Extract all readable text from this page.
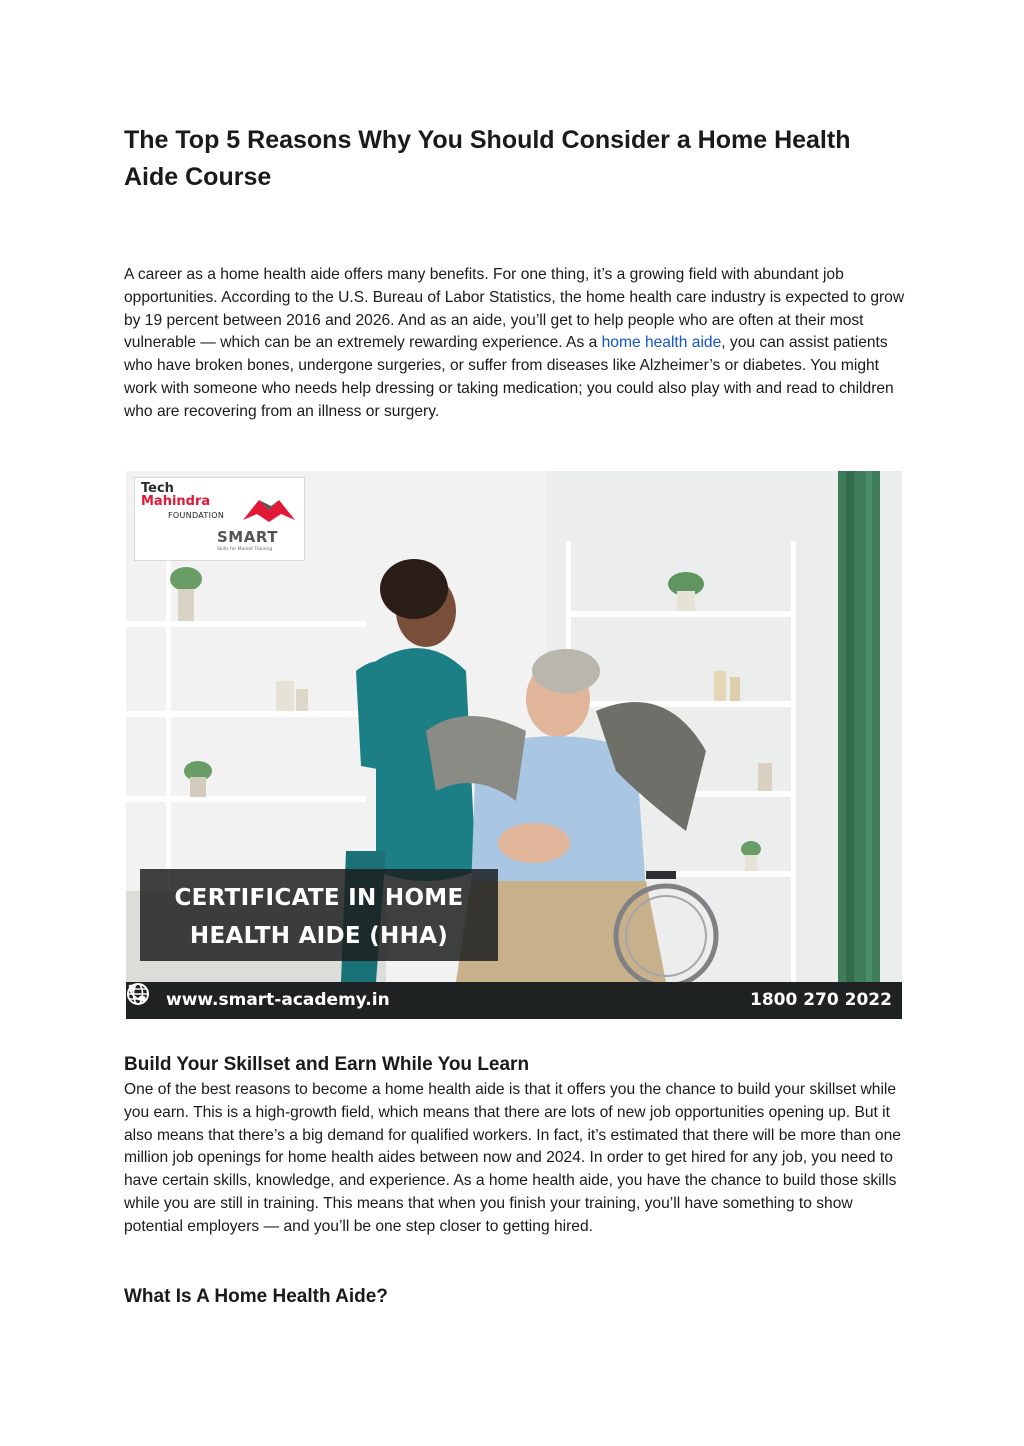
The Top 5 Reasons Why You Should Consider a Home Health Aide Course

A career as a home health aide offers many benefits. For one thing, it’s a growing field with abundant job opportunities. According to the U.S. Bureau of Labor Statistics, the home health care industry is expected to grow by 19 percent between 2016 and 2026. And as an aide, you’ll get to help people who are often at their most vulnerable — which can be an extremely rewarding experience. As a home health aide, you can assist patients who have broken bones, undergone surgeries, or suffer from diseases like Alzheimer’s or diabetes. You might work with someone who needs help dressing or taking medication; you could also play with and read to children who are recovering from an illness or surgery.

Tech
Mahindra
FOUNDATION
SMART
Skills for Market Training
CERTIFICATE IN HOME
HEALTH AIDE (HHA)
www.smart-academy.in	1800 270 2022
Build Your Skillset and Earn While You Learn

One of the best reasons to become a home health aide is that it offers you the chance to build your skillset while you earn. This is a high-growth field, which means that there are lots of new job opportunities opening up. But it also means that there’s a big demand for qualified workers. In fact, it’s estimated that there will be more than one million job openings for home health aides between now and 2024. In order to get hired for any job, you need to have certain skills, knowledge, and experience. As a home health aide, you have the chance to build those skills while you are still in training. This means that when you finish your training, you’ll have something to show potential employers — and you’ll be one step closer to getting hired.

What Is A Home Health Aide?
